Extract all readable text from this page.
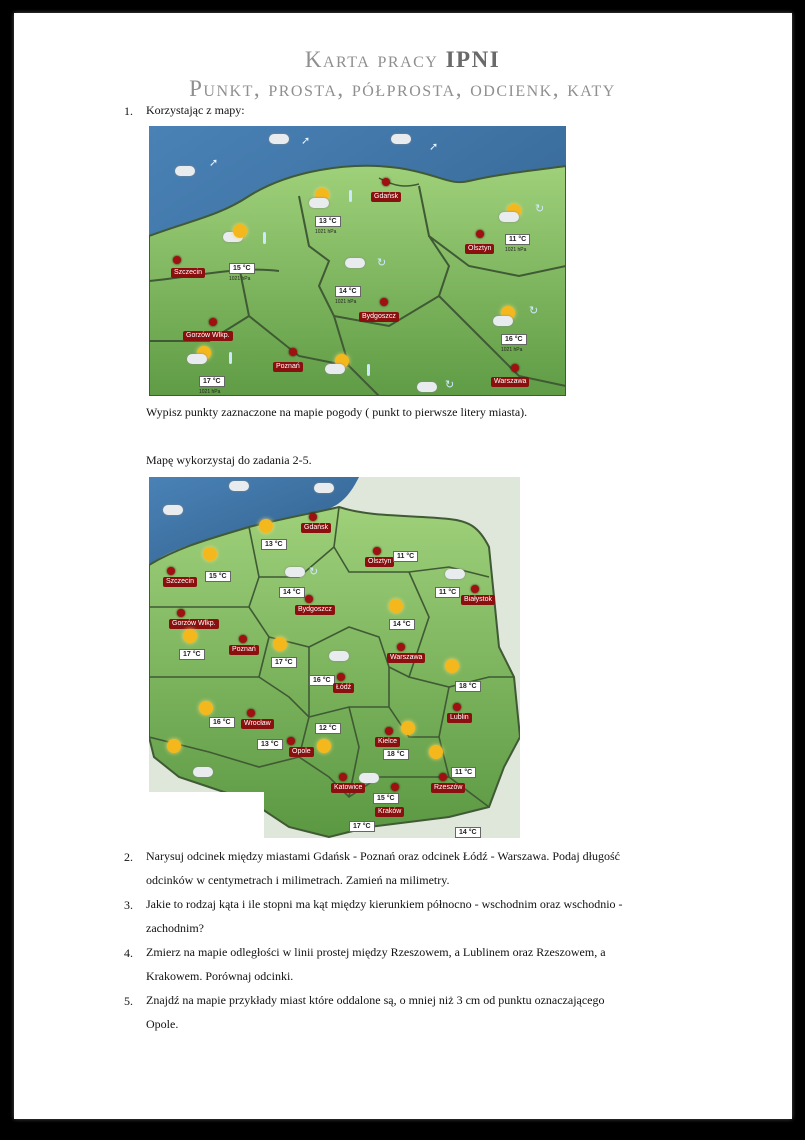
Karta pracy IPNI
Punkt, prosta, półprosta, odcienk, katy
1. Korzystając z mapy:
➚
➚
➚
Gdańsk
13 °C
1021 hPa
↻
Olsztyn
11 °C
1021 hPa
Szczecin
15 °C
1021 hPa
↻
14 °C
1021 hPa
Bydgoszcz
Gorzów Wlkp.
17 °C
1021 hPa
Poznań
↻
16 °C
1021 hPa
Warszawa
↻
Wypisz punkty zaznaczone na mapie pogody ( punkt to pierwsze litery miasta).
Mapę wykorzystaj do zadania 2-5.
Gdańsk
13 °C
Olsztyn
11 °C
Szczecin
15 °C	↻
14 °C
Bydgoszcz
Białystok
11 °C
Gorzów Wlkp.
17 °C
Poznań
17 °C
14 °C
Warszawa
16 °C
Łódź	18 °C
Lublin
16 °C	Wrocław
13 °C
Opole
12 °C
Kielce
18 °C
Katowice
15 °C
Kraków
Rzeszów
11 °C
17 °C
14 °C
2. Narysuj odcinek między miastami Gdańsk - Poznań oraz odcinek Łódź - Warszawa. Podaj długość
odcinków w centymetrach i milimetrach. Zamień na milimetry.
3. Jakie to rodzaj kąta i ile stopni ma kąt między kierunkiem północno - wschodnim oraz wschodnio -
zachodnim?
4. Zmierz na mapie odległości w linii prostej między Rzeszowem, a Lublinem oraz Rzeszowem, a
Krakowem. Porównaj odcinki.
5. Znajdź na mapie przykłady miast które oddalone są, o mniej niż 3 cm od punktu oznaczającego
Opole.
